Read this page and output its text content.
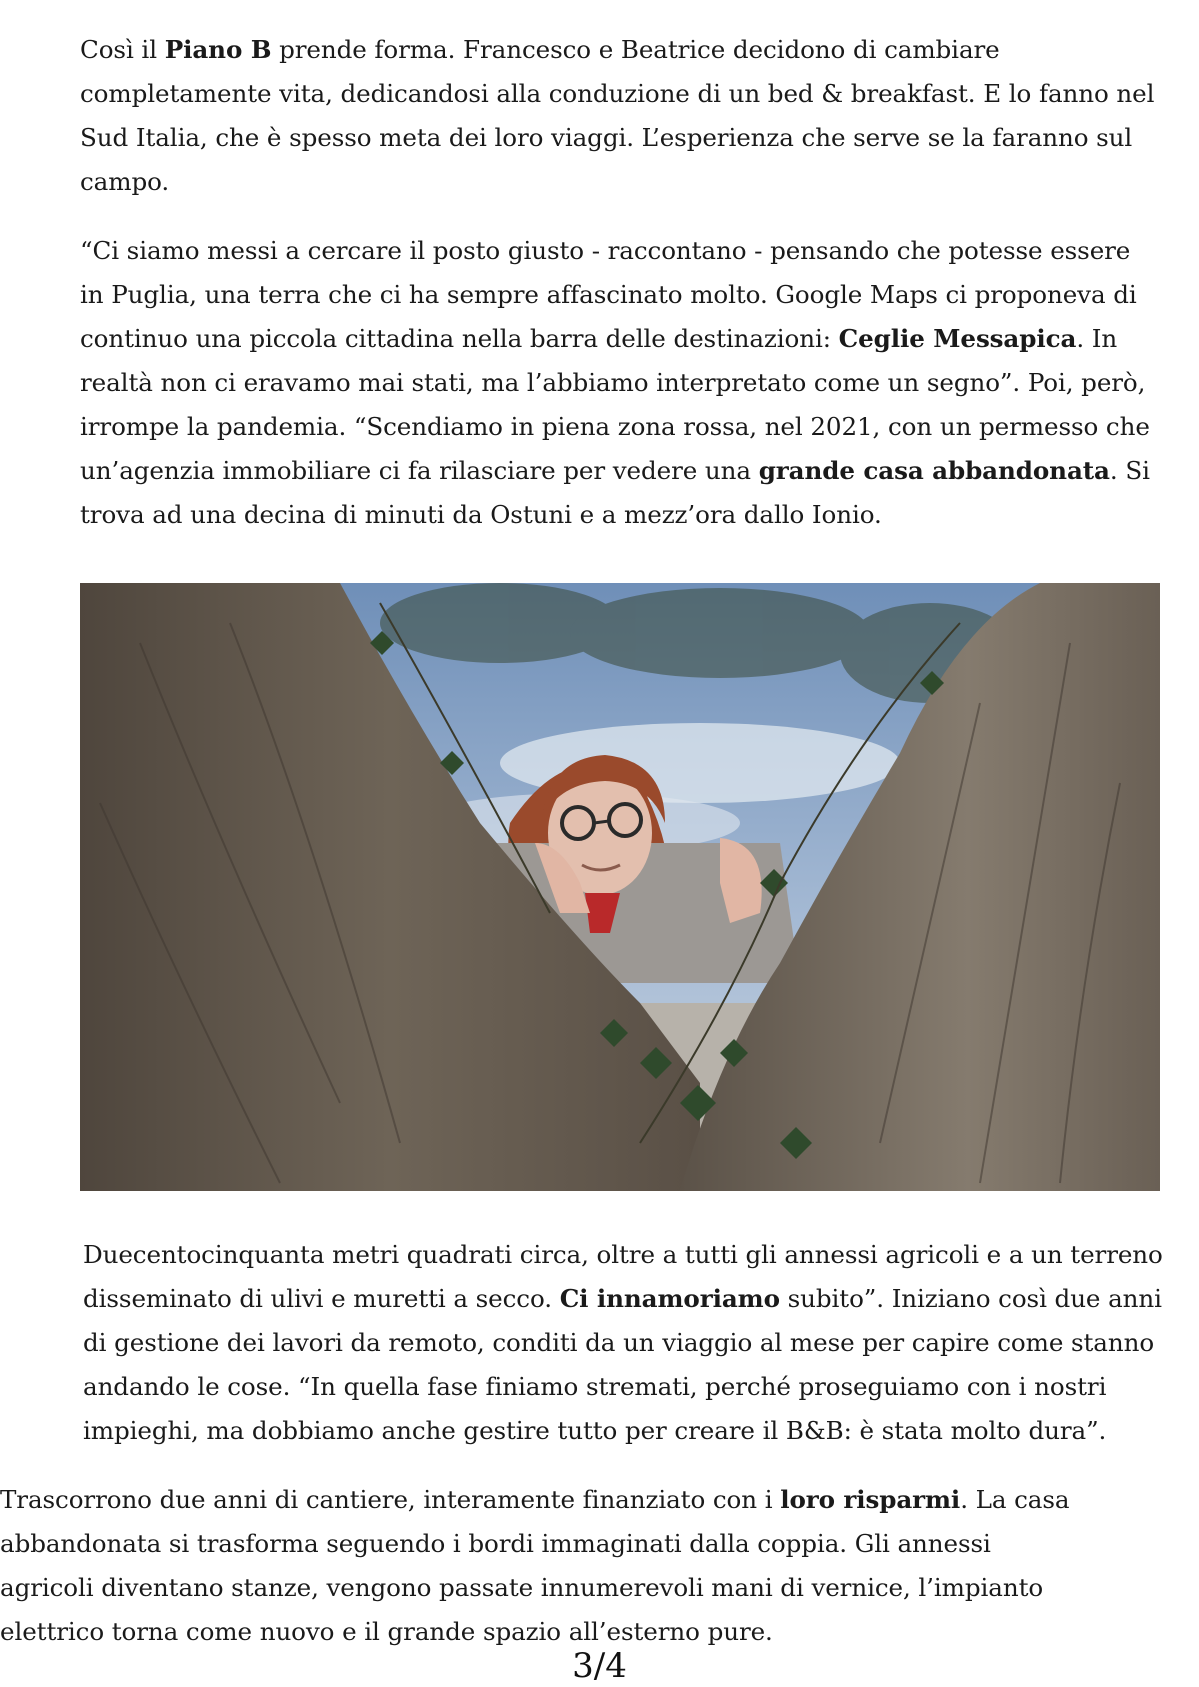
Così il Piano B prende forma. Francesco e Beatrice decidono di cambiare completamente vita, dedicandosi alla conduzione di un bed & breakfast. E lo fanno nel Sud Italia, che è spesso meta dei loro viaggi. L’esperienza che serve se la faranno sul campo.

“Ci siamo messi a cercare il posto giusto - raccontano - pensando che potesse essere in Puglia, una terra che ci ha sempre affascinato molto. Google Maps ci proponeva di continuo una piccola cittadina nella barra delle destinazioni: Ceglie Messapica. In realtà non ci eravamo mai stati, ma l’abbiamo interpretato come un segno”. Poi, però, irrompe la pandemia. “Scendiamo in piena zona rossa, nel 2021, con un permesso che un’agenzia immobiliare ci fa rilasciare per vedere una grande casa abbandonata. Si trova ad una decina di minuti da Ostuni e a mezz’ora dallo Ionio.

Duecentocinquanta metri quadrati circa, oltre a tutti gli annessi agricoli e a un terreno disseminato di ulivi e muretti a secco. Ci innamoriamo subito”. Iniziano così due anni di gestione dei lavori da remoto, conditi da un viaggio al mese per capire come stanno andando le cose. “In quella fase finiamo stremati, perché proseguiamo con i nostri impieghi, ma dobbiamo anche gestire tutto per creare il B&B: è stata molto dura”.

Trascorrono due anni di cantiere, interamente finanziato con i loro risparmi. La casa abbandonata si trasforma seguendo i bordi immaginati dalla coppia. Gli annessi agricoli diventano stanze, vengono passate innumerevoli mani di vernice, l’impianto elettrico torna come nuovo e il grande spazio all’esterno pure.

3/4
